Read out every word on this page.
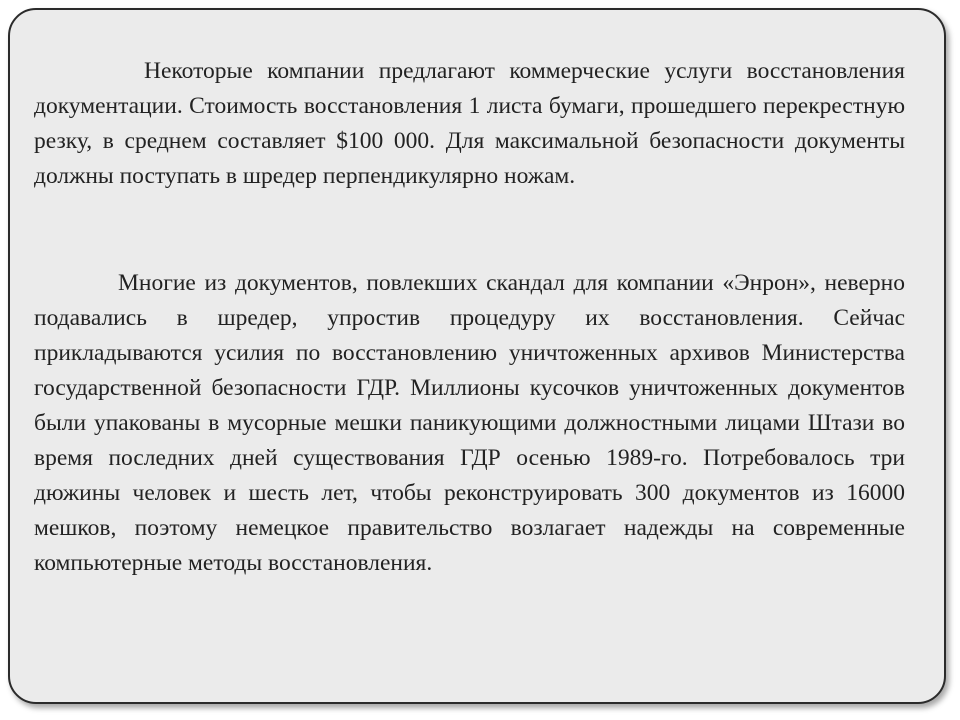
Некоторые компании предлагают коммерческие услуги восстановления документации. Стоимость восстановления 1 листа бумаги, прошедшего перекрестную резку, в среднем составляет $100 000. Для максимальной безопасности документы должны поступать в шредер перпендикулярно ножам.

Многие из документов, повлекших скандал для компании «Энрон», неверно подавались в шредер, упростив процедуру их восстановления. Сейчас прикладываются усилия по восстановлению уничтоженных архивов Министерства государственной безопасности ГДР. Миллионы кусочков уничтоженных документов были упакованы в мусорные мешки паникующими должностными лицами Штази во время последних дней существования ГДР осенью 1989-го. Потребовалось три дюжины человек и шесть лет, чтобы реконструировать 300 документов из 16000 мешков, поэтому немецкое правительство возлагает надежды на современные компьютерные методы восстановления.
